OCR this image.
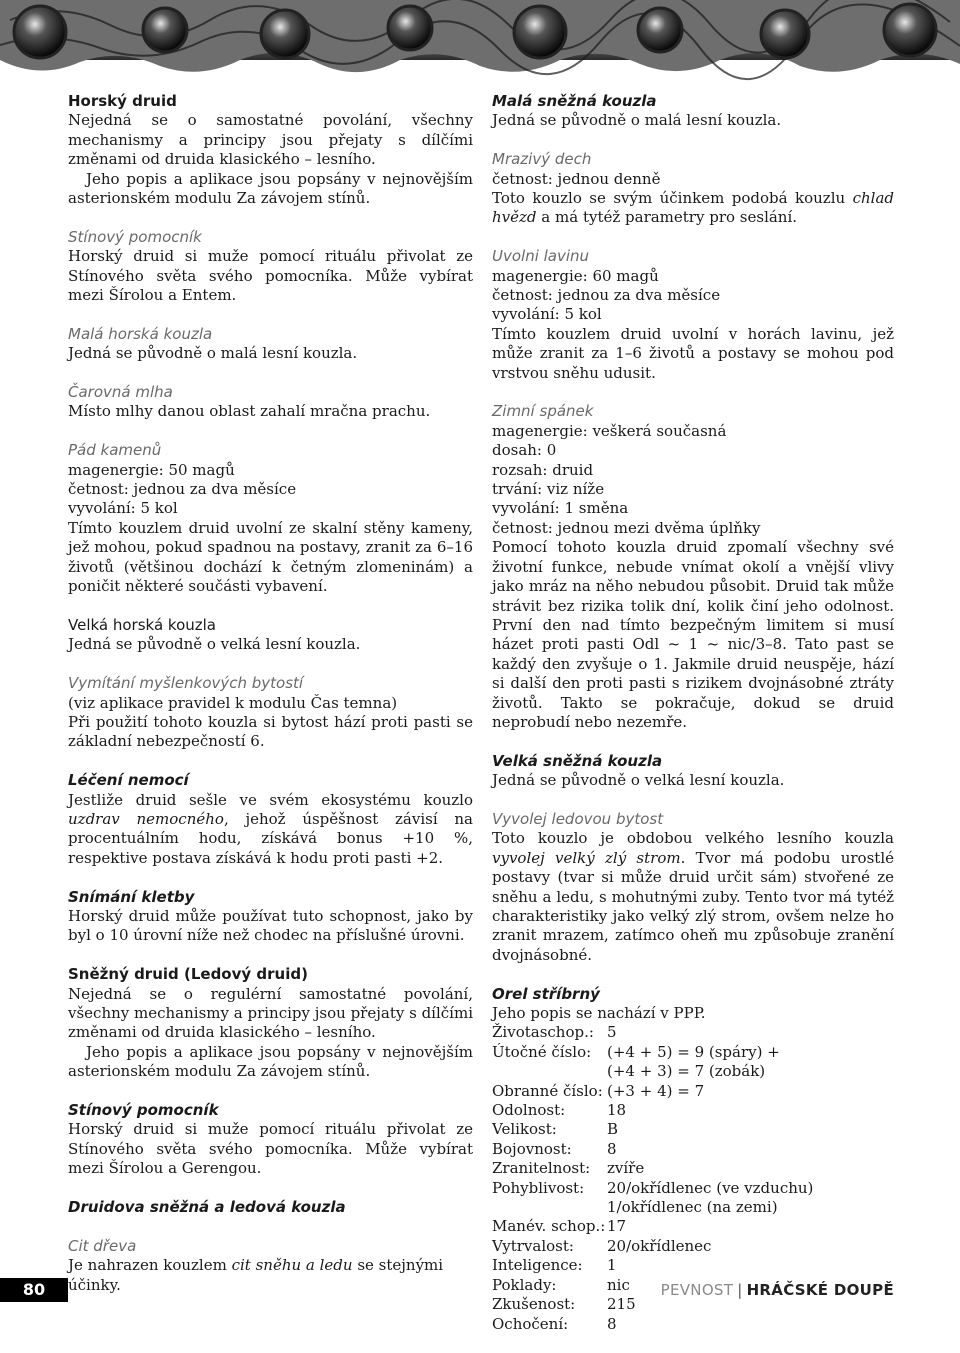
Horský druid

Nejedná se o samostatné povolání, všechny mechanismy a principy jsou přejaty s dílčími změnami od druida klasického – lesního.

Jeho popis a aplikace jsou popsány v nejnovějším asterionském modulu Za závojem stínů.

Stínový pomocník

Horský druid si muže pomocí rituálu přivolat ze Stínového světa svého pomocníka. Může vybírat mezi Šírolou a Entem.

Malá horská kouzla

Jedná se původně o malá lesní kouzla.

Čarovná mlha

Místo mlhy danou oblast zahalí mračna prachu.

Pád kamenů
magenergie: 50 magů
četnost: jednou za dva měsíce
vyvolání: 5 kol

Tímto kouzlem druid uvolní ze skalní stěny kameny, jež mohou, pokud spadnou na postavy, zranit za 6–16 životů (většinou dochází k četným zlomeninám) a poničit některé součásti vybavení.

Velká horská kouzla

Jedná se původně o velká lesní kouzla.

Vymítání myšlenkových bytostí
(viz aplikace pravidel k modulu Čas temna)

Při použití tohoto kouzla si bytost hází proti pasti se základní nebezpečností 6.

Léčení nemocí

Jestliže druid sešle ve svém ekosystému kouzlo uzdrav nemocného, jehož úspěšnost závisí na procentuálním hodu, získává bonus +10 %, respektive postava získává k hodu proti pasti +2.

Snímání kletby

Horský druid může používat tuto schopnost, jako by byl o 10 úrovní níže než chodec na příslušné úrovni.

Sněžný druid (Ledový druid)

Nejedná se o regulérní samostatné povolání, všechny mechanismy a principy jsou přejaty s dílčími změnami od druida klasického – lesního.

Jeho popis a aplikace jsou popsány v nejnovějším asterionském modulu Za závojem stínů.

Stínový pomocník

Horský druid si muže pomocí rituálu přivolat ze Stínového světa svého pomocníka. Může vybírat mezi Šírolou a Gerengou.

Druidova sněžná a ledová kouzla
Cit dřeva

Je nahrazen kouzlem cit sněhu a ledu se stejnými účinky.

Malá sněžná kouzla

Jedná se původně o malá lesní kouzla.

Mrazivý dech
četnost: jednou denně

Toto kouzlo se svým účinkem podobá kouzlu chlad hvězd a má tytéž parametry pro seslání.

Uvolni lavinu
magenergie: 60 magů
četnost: jednou za dva měsíce
vyvolání: 5 kol

Tímto kouzlem druid uvolní v horách lavinu, jež může zranit za 1–6 životů a postavy se mohou pod vrstvou sněhu udusit.

Zimní spánek
magenergie: veškerá současná
dosah: 0
rozsah: druid
trvání: viz níže
vyvolání: 1 směna
četnost: jednou mezi dvěma úplňky

Pomocí tohoto kouzla druid zpomalí všechny své životní funkce, nebude vnímat okolí a vnější vlivy jako mráz na něho nebudou působit. Druid tak může strávit bez rizika tolik dní, kolik činí jeho odolnost. První den nad tímto bezpečným limitem si musí házet proti pasti Odl ~ 1 ~ nic/3–8. Tato past se každý den zvyšuje o 1. Jakmile druid neuspěje, hází si další den proti pasti s rizikem dvojnásobné ztráty životů. Takto se pokračuje, dokud se druid neprobudí nebo nezemře.

Velká sněžná kouzla

Jedná se původně o velká lesní kouzla.

Vyvolej ledovou bytost

Toto kouzlo je obdobou velkého lesního kouzla vyvolej velký zlý strom. Tvor má podobu urostlé postavy (tvar si může druid určit sám) stvořené ze sněhu a ledu, s mohutnými zuby. Tento tvor má tytéž charakteristiky jako velký zlý strom, ovšem nelze ho zranit mrazem, zatímco oheň mu způsobuje zranění dvojnásobné.

Orel stříbrný
Jeho popis se nachází v PPP.
Životaschop.:	5
Útočné číslo:	(+4 + 5) = 9 (spáry) +
	(+4 + 3) = 7 (zobák)
Obranné číslo:	(+3 + 4) = 7
Odolnost:	18
Velikost:	B
Bojovnost:	8
Zranitelnost:	zvíře
Pohyblivost:	20/okřídlenec (ve vzduchu)
	1/okřídlenec (na zemi)
Manév. schop.:	17
Vytrvalost:	20/okřídlenec
Inteligence:	1
Poklady:	nic
Zkušenost:	215
Ochočení:	8
80	PEVNOST | HRÁČSKÉ DOUPĚ
